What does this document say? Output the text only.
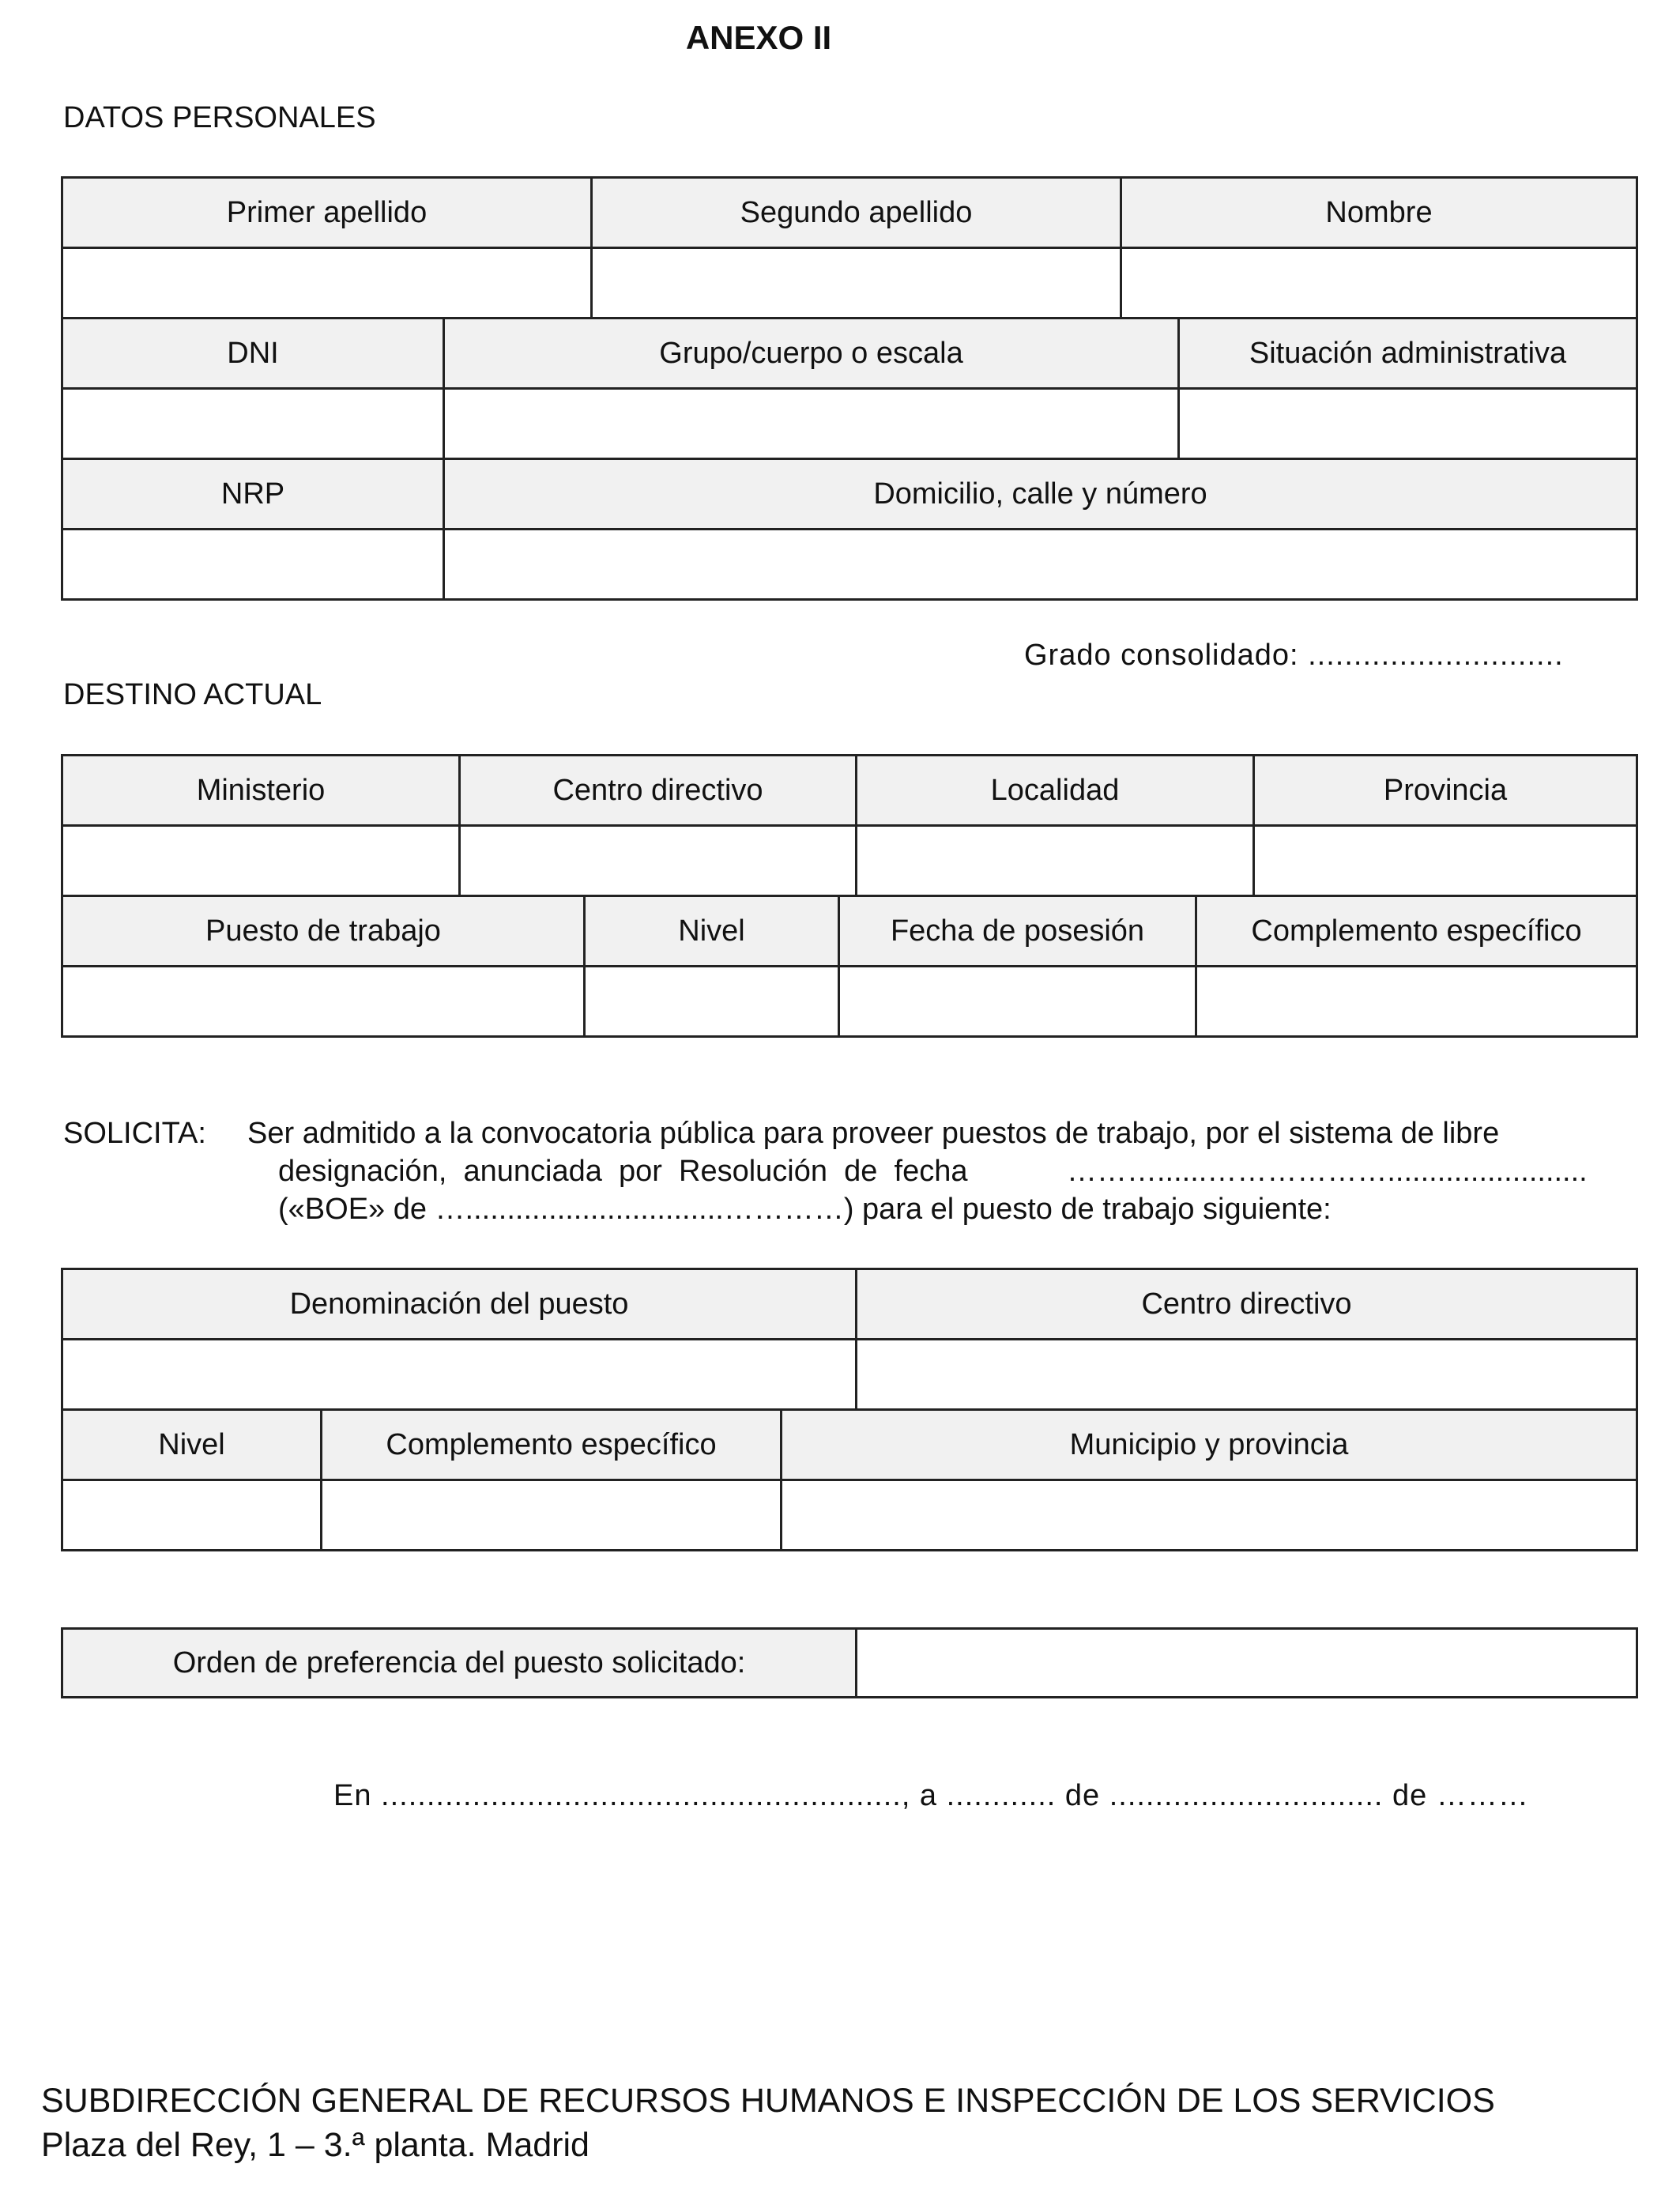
ANEXO II
DATOS PERSONALES
Primer apellido	Segundo apellido	Nombre

DNI	Grupo/cuerpo o escala	Situación administrativa

NRP	Domicilio, calle y número

Grado consolidado: ............................
DESTINO ACTUAL
Ministerio	Centro directivo	Localidad	Provincia

Puesto de trabajo	Nivel	Fecha de posesión	Complemento específico

SOLICITA: Ser admitido a la convocatoria pública para proveer puestos de trabajo, por el sistema de libre
designación,  anunciada  por  Resolución  de  fecha	………......………………........................
(«BOE» de …...............................…………) para el puesto de trabajo siguiente:
Denominación del puesto	Centro directivo

Nivel	Complemento específico	Municipio y provincia

Orden de preferencia del puesto solicitado:	
En ........................................................., a ............ de .............................. de ………
SUBDIRECCIÓN GENERAL DE RECURSOS HUMANOS E INSPECCIÓN DE LOS SERVICIOS
Plaza del Rey, 1 – 3.ª planta. Madrid
